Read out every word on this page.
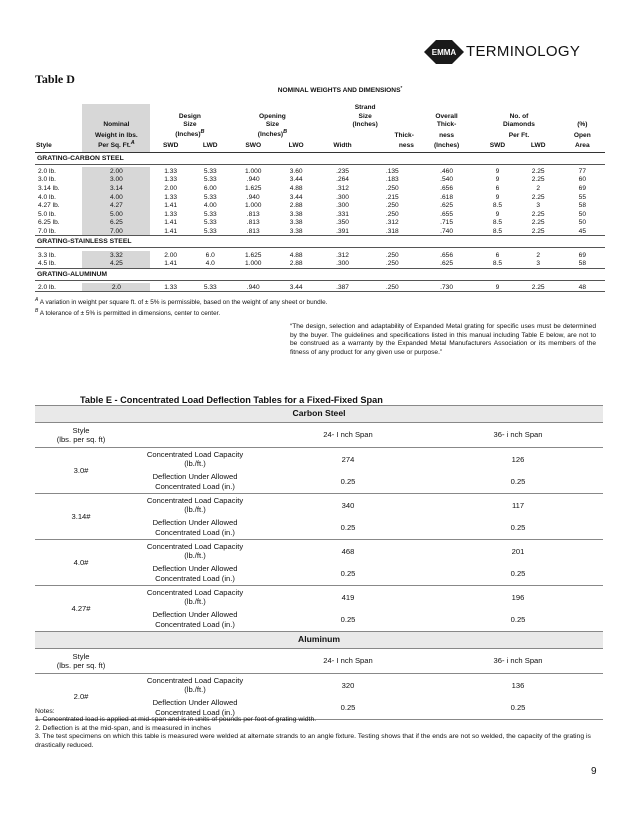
EMMA TERMINOLOGY
Table D
NOMINAL WEIGHTS AND DIMENSIONS*
						Strand					
		Design		Opening		Size		Overall	No. of		
	Nominal	Size		Size		(Inches)		Thick-	Diamonds		(%)
	Weight in lbs.	(Inches)$^B$		(Inches)$^B$			Thick-	ness	Per Ft.		Open
Style	Per Sq. Ft.$^A$	SWD	LWD	SWO	LWO	Width	ness	(Inches)	SWD	LWD	Area
GRATING-CARBON STEEL											

2.0 lb.	2.00	1.33	5.33	1.000	3.60	.235	.135	.460	9	2.25	77
3.0 lb.	3.00	1.33	5.33	.940	3.44	.264	.183	.540	9	2.25	60
3.14 lb.	3.14	2.00	6.00	1.625	4.88	.312	.250	.656	6	2	69
4.0 lb.	4.00	1.33	5.33	.940	3.44	.300	.215	.618	9	2.25	55
4.27 lb.	4.27	1.41	4.00	1.000	2.88	.300	.250	.625	8.5	3	58
5.0 lb.	5.00	1.33	5.33	.813	3.38	.331	.250	.655	9	2.25	50
6.25 lb.	6.25	1.41	5.33	.813	3.38	.350	.312	.715	8.5	2.25	50
7.0 lb.	7.00	1.41	5.33	.813	3.38	.391	.318	.740	8.5	2.25	45
GRATING-STAINLESS STEEL											

3.3 lb.	3.32	2.00	6.0	1.625	4.88	.312	.250	.656	6	2	69
4.5 lb.	4.25	1.41	4.0	1.000	2.88	.300	.250	.625	8.5	3	58
GRATING-ALUMINUM											

2.0 lb.	2.0	1.33	5.33	.940	3.44	.387	.250	.730	9	2.25	48
$^A$ A variation in weight per square ft. of ± 5% is permissible, based on the weight of any sheet or bundle.
$^B$ A tolerance of ± 5% is permitted in dimensions, center to center.
“The design, selection and adaptability of Expanded Metal grating for specific uses must be determined by the buyer. The guidelines and specifications listed in this manual including Table E below, are not to be construed as a warranty by the Expanded Metal Manufacturers Association or its members of the fitness of any product for any given use or purpose.”
Table E - Concentrated Load Deflection Tables for a Fixed-Fixed Span
Carbon Steel			

Style
(lbs. per sq. ft)		24- I nch Span	36- i nch Span
3.0#	Concentrated Load Capacity
(lb./ft.)	274	126

	Deflection Under Allowed
Concentrated Load (in.)	0.25	0.25
3.14#	Concentrated Load Capacity
(lb./ft.)	340	117

	Deflection Under Allowed
Concentrated Load (in.)	0.25	0.25
4.0#	Concentrated Load Capacity
(lb./ft.)	468	201

	Deflection Under Allowed
Concentrated Load (in.)	0.25	0.25
4.27#	Concentrated Load Capacity
(lb./ft.)	419	196

	Deflection Under Allowed
Concentrated Load (in.)	0.25	0.25
Aluminum			

Style
(lbs. per sq. ft)		24- I nch Span	36- i nch Span
2.0#	Concentrated Load Capacity
(lb./ft.)	320	136

	Deflection Under Allowed
Concentrated Load (in.)	0.25	0.25
Notes:
1. Concentrated load is applied at mid-span and is in units of pounds per foot of grating width.
2. Deflection is at the mid-span, and is measured in inches
3. The test specimens on which this table is measured were welded at alternate strands to an angle fixture. Testing shows that if the ends are not so welded, the capacity of the grating is drastically reduced.
9
